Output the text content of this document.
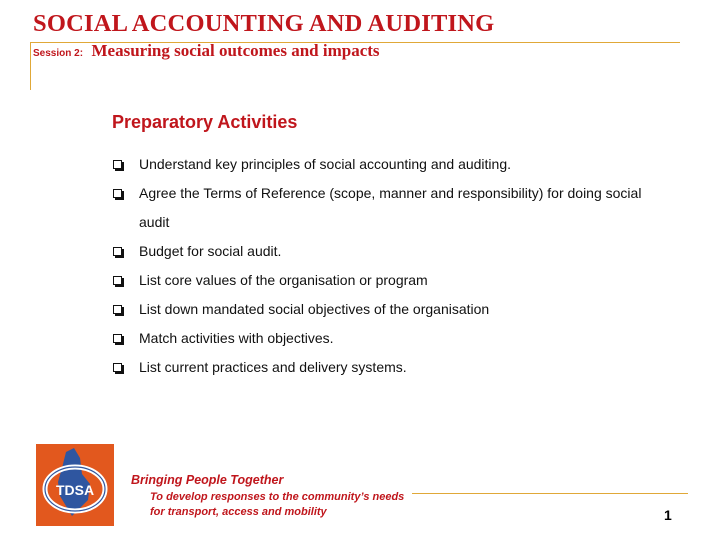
SOCIAL ACCOUNTING AND AUDITING
Session 2: Measuring social outcomes and impacts
Preparatory Activities
Understand key principles of social accounting and auditing.
Agree the Terms of Reference (scope, manner and responsibility) for doing social audit
Budget for social audit.
List core values of the organisation or program
List down mandated social objectives of the organisation
Match activities with objectives.
List current practices and delivery systems.
TDSA
Bringing People Together
To develop responses to the community’s needs for transport, access and mobility	1
